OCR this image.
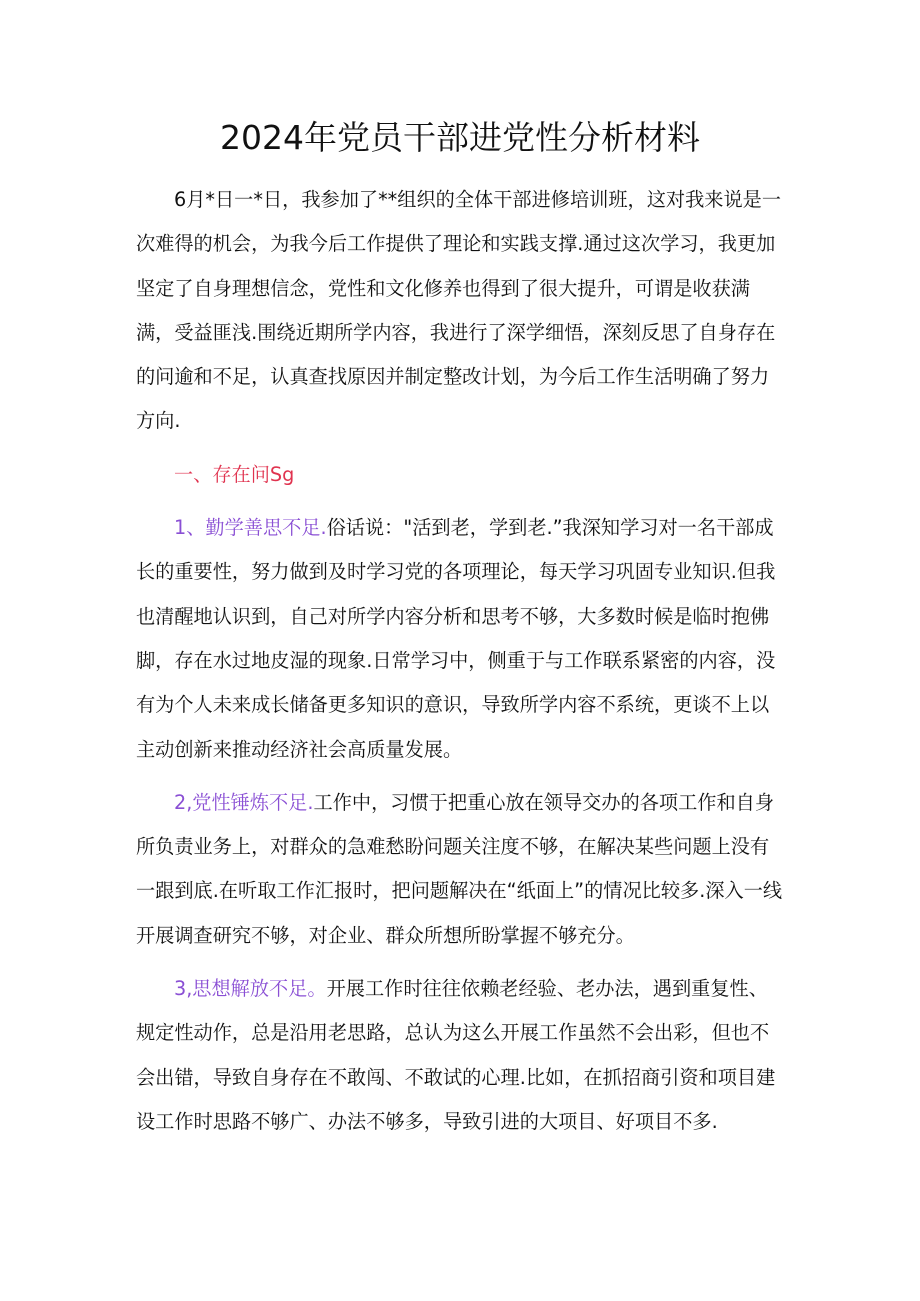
2024年党员干部进党性分析材料

6月*日一*日，我参加了**组织的全体干部进修培训班，这对我来说是一次难得的机会，为我今后工作提供了理论和实践支撑.通过这次学习，我更加坚定了自身理想信念，党性和文化修养也得到了很大提升，可谓是收获满满，受益匪浅.围绕近期所学内容，我进行了深学细悟，深刻反思了自身存在的问逾和不足，认真查找原因并制定整改计划，为今后工作生活明确了努力方向.

一、存在问Sg

1、勤学善思不足.俗话说："活到老，学到老.”我深知学习对一名干部成长的重要性，努力做到及时学习党的各项理论，每天学习巩固专业知识.但我也清醒地认识到，自己对所学内容分析和思考不够，大多数时候是临时抱佛脚，存在水过地皮湿的现象.日常学习中，侧重于与工作联系紧密的内容，没有为个人未来成长储备更多知识的意识，导致所学内容不系统，更谈不上以主动创新来推动经济社会高质量发展。

2,党性锤炼不足.工作中，习惯于把重心放在领导交办的各项工作和自身所负责业务上，对群众的急难愁盼问题关注度不够，在解决某些问题上没有一跟到底.在听取工作汇报时，把问题解决在“纸面上”的情况比较多.深入一线开展调查研究不够，对企业、群众所想所盼掌握不够充分。

3,思想解放不足。开展工作时往往依赖老经验、老办法，遇到重复性、规定性动作，总是沿用老思路，总认为这么开展工作虽然不会出彩，但也不会出错，导致自身存在不敢闯、不敢试的心理.比如，在抓招商引资和项目建设工作时思路不够广、办法不够多，导致引进的大项目、好项目不多.
